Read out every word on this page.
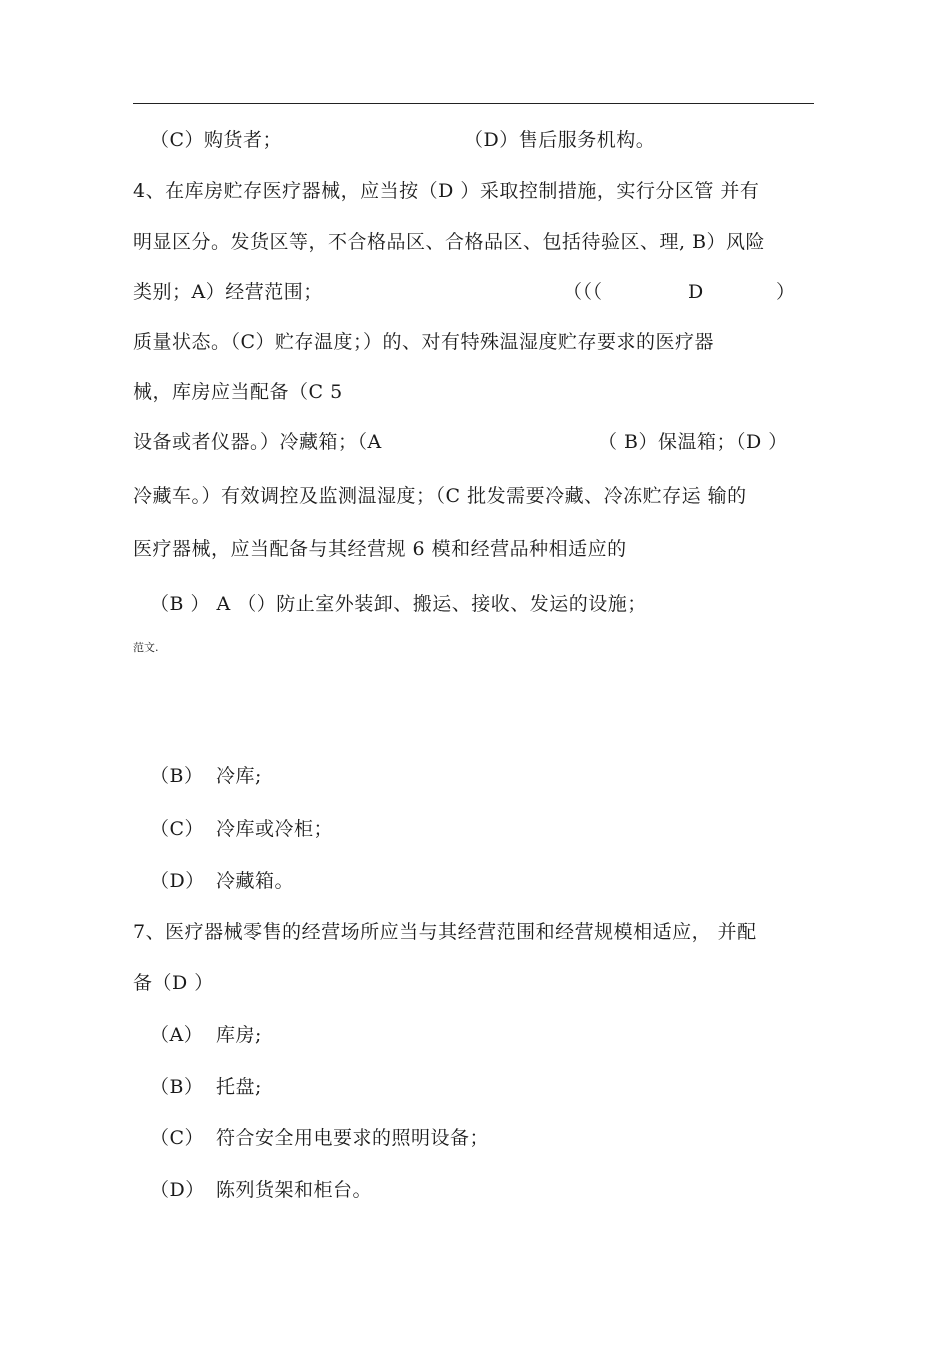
（C）购货者；	（D）售后服务机构。
4、在库房贮存医疗器械，应当按（D ）采取控制措施，实行分区管 并有
明显区分。发货区等，不合格品区、合格品区、包括待验区、理, B）风险
类别；A）经营范围；	（（（	D	）
质量状态。（C）贮存温度；）的、对有特殊温湿度贮存要求的医疗器
械，库房应当配备（C 5
设备或者仪器。）冷藏箱；（A	（ B）保温箱；（D ）
冷藏车。）有效调控及监测温湿度；（C 批发需要冷藏、冷冻贮存运 输的
医疗器械，应当配备与其经营规 6 模和经营品种相适应的
（B ） A （）防止室外装卸、搬运、接收、发运的设施；
范文.
（B） 冷库;
（C） 冷库或冷柜；
（D） 冷藏箱。
7、医疗器械零售的经营场所应当与其经营范围和经营规模相适应， 并配
备（D ）
（A） 库房;
（B） 托盘;
（C） 符合安全用电要求的照明设备；
（D） 陈列货架和柜台。
